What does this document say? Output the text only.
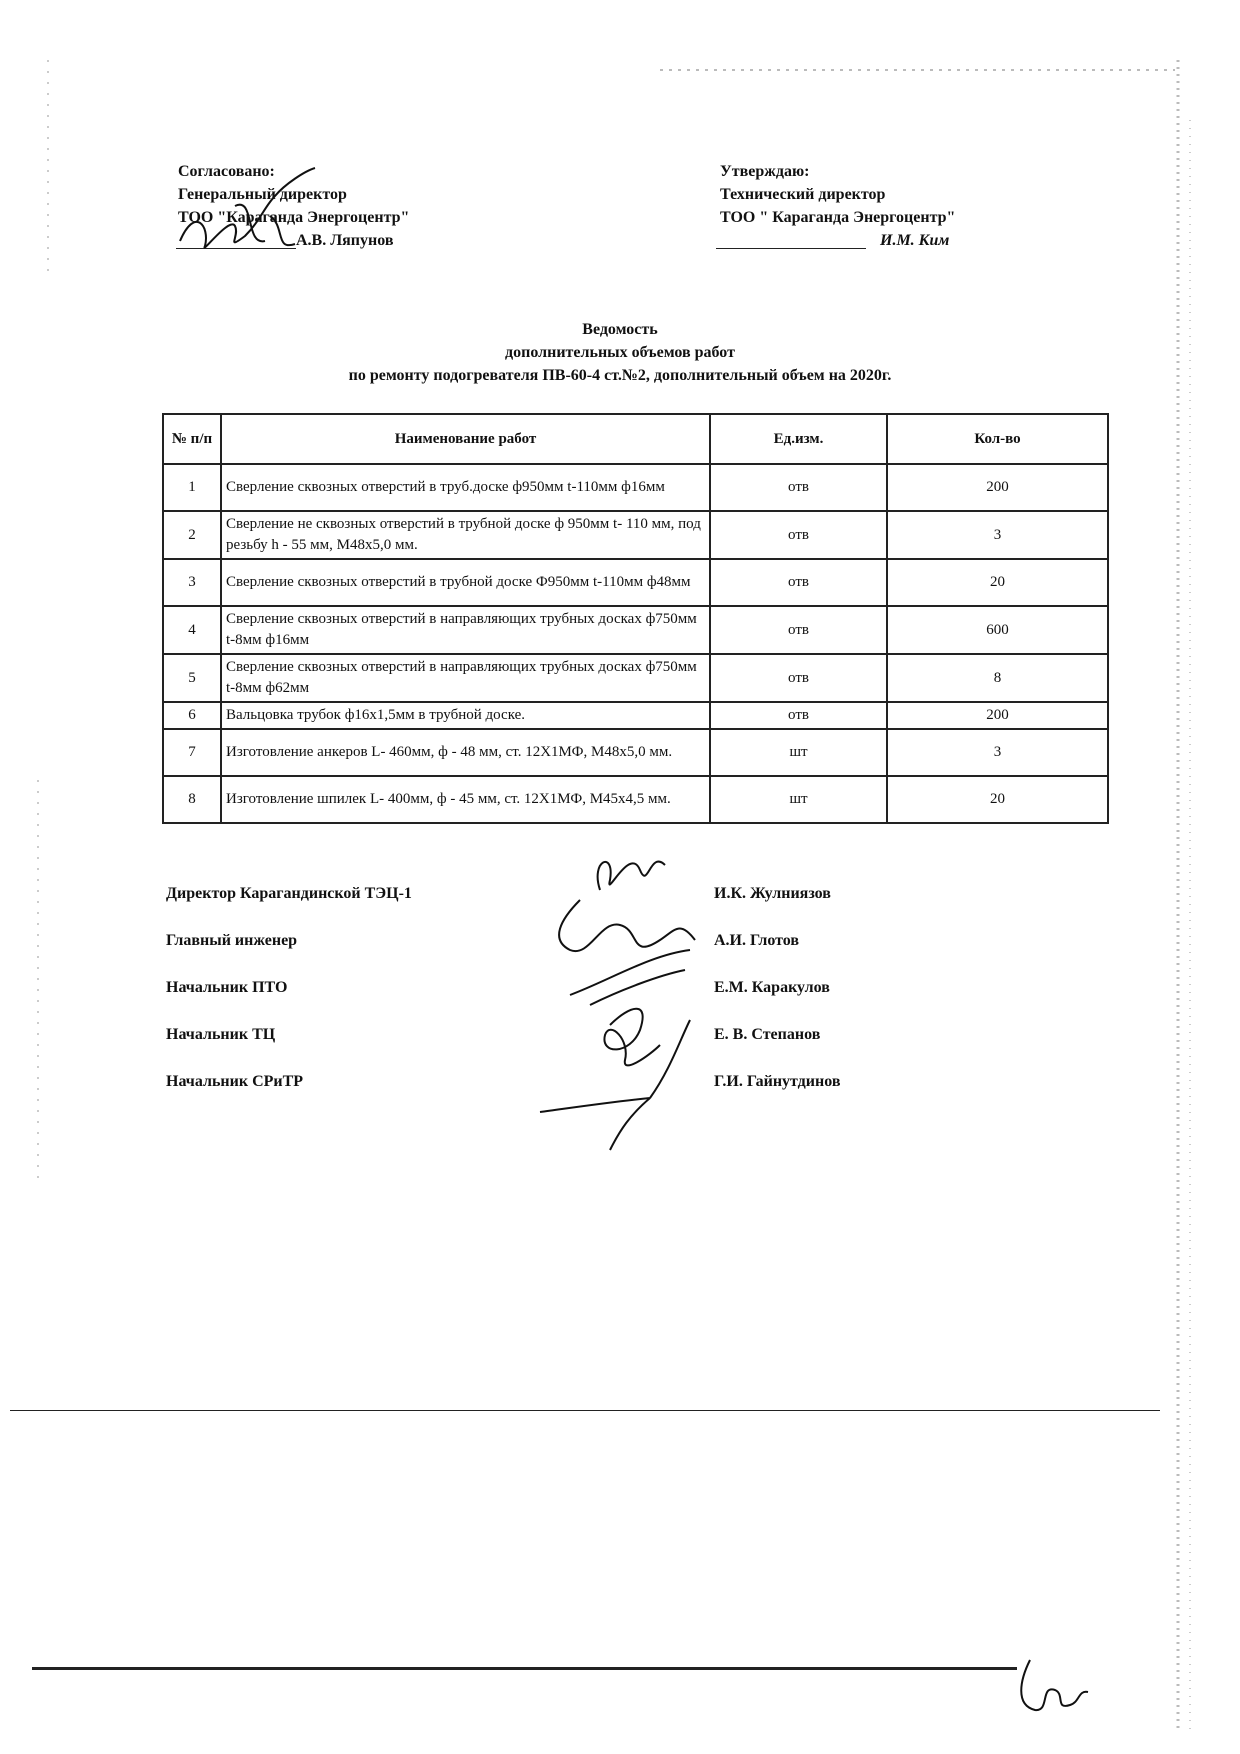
Согласовано:
Генеральный директор
ТОО "Караганда Энергоцентр"
А.В. Ляпунов
Утверждаю:
Технический директор
ТОО " Караганда Энергоцентр"
И.М. Ким
Ведомость
дополнительных объемов работ
по ремонту подогревателя ПВ-60-4 ст.№2, дополнительный объем на 2020г.
№ п/п	Наименование работ	Ед.изм.	Кол-во
1	Сверление сквозных отверстий в труб.доске ф950мм t-110мм ф16мм	отв	200
2	Сверление не сквозных отверстий в трубной доске ф 950мм t- 110 мм, под резьбу h - 55 мм, М48х5,0 мм.	отв	3
3	Сверление сквозных отверстий в трубной доске Ф950мм t-110мм ф48мм	отв	20
4	Сверление сквозных отверстий в направляющих трубных досках ф750мм t-8мм ф16мм	отв	600
5	Сверление сквозных отверстий в направляющих трубных досках ф750мм t-8мм ф62мм	отв	8
6	Вальцовка трубок ф16х1,5мм в трубной доске.	отв	200
7	Изготовление анкеров L- 460мм, ф - 48 мм, ст. 12Х1МФ, М48х5,0 мм.	шт	3
8	Изготовление шпилек L- 400мм, ф - 45 мм, ст. 12Х1МФ, М45х4,5 мм.	шт	20
Директор Карагандинской ТЭЦ-1	И.К. Жулниязов
Главный инженер	А.И. Глотов
Начальник ПТО	Е.М. Каракулов
Начальник ТЦ	Е. В. Степанов
Начальник СРиТР	Г.И. Гайнутдинов
